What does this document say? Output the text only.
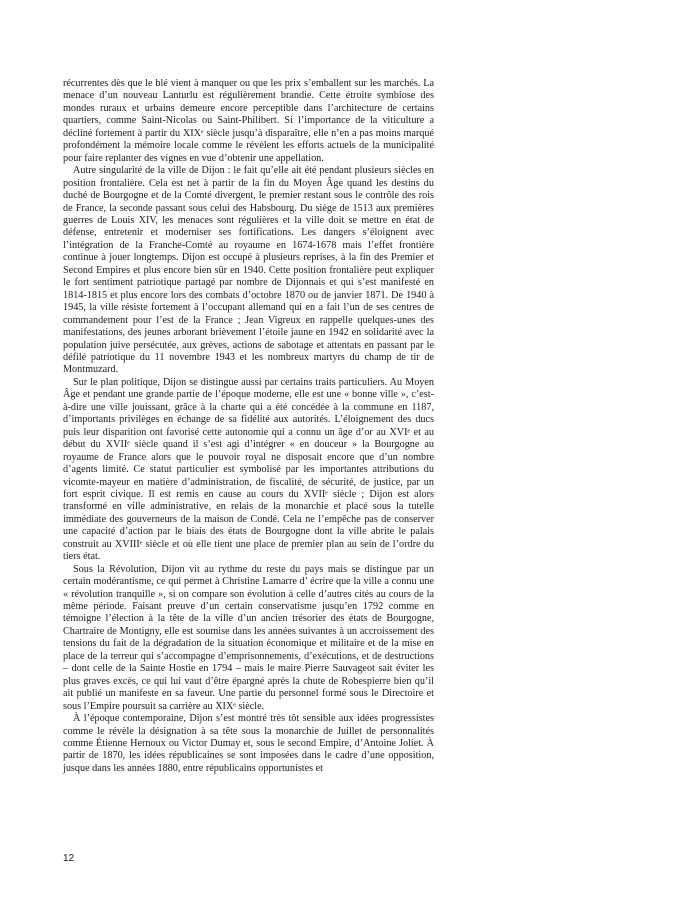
récurrentes dès que le blé vient à manquer ou que les prix s’emballent sur les marchés. La menace d’un nouveau Lanturlu est régulièrement brandie. Cette étroite symbiose des mondes ruraux et urbains demeure encore perceptible dans l’architecture de certains quartiers, comme Saint-Nicolas ou Saint-Philibert. Si l’importance de la viticulture a décliné fortement à partir du XIXᵉ siècle jusqu’à disparaître, elle n’en a pas moins marqué profondément la mémoire locale comme le révèlent les efforts actuels de la municipalité pour faire replanter des vignes en vue d’obtenir une appellation.

Autre singularité de la ville de Dijon : le fait qu’elle ait été pendant plusieurs siècles en position frontalière. Cela est net à partir de la fin du Moyen Âge quand les destins du duché de Bourgogne et de la Comté divergent, le premier restant sous le contrôle des rois de France, la seconde passant sous celui des Habsbourg. Du siège de 1513 aux premières guerres de Louis XIV, les menaces sont régulières et la ville doit se mettre en état de défense, entretenir et moderniser ses fortifications. Les dangers s’éloignent avec l’intégration de la Franche-Comté au royaume en 1674-1678 mais l’effet frontière continue à jouer longtemps. Dijon est occupé à plusieurs reprises, à la fin des Premier et Second Empires et plus encore bien sûr en 1940. Cette position frontalière peut expliquer le fort sentiment patriotique partagé par nombre de Dijonnais et qui s’est manifesté en 1814-1815 et plus encore lors des combats d’octobre 1870 ou de janvier 1871. De 1940 à 1945, la ville résiste fortement à l’occupant allemand qui en a fait l’un de ses centres de commandement pour l’est de la France ; Jean Vigreux en rappelle quelques-unes des manifestations, des jeunes arborant brièvement l’étoile jaune en 1942 en solidarité avec la population juive persécutée, aux grèves, actions de sabotage et attentats en passant par le défilé patriotique du 11 novembre 1943 et les nombreux martyrs du champ de tir de Montmuzard.

Sur le plan politique, Dijon se distingue aussi par certains traits particuliers. Au Moyen Âge et pendant une grande partie de l’époque moderne, elle est une « bonne ville », c’est-à-dire une ville jouissant, grâce à la charte qui a été concédée à la commune en 1187, d’importants privilèges en échange de sa fidélité aux autorités. L’éloignement des ducs puis leur disparition ont favorisé cette autonomie qui a connu un âge d’or au XVIᵉ et au début du XVIIᵉ siècle quand il s’est agi d’intégrer « en douceur » la Bourgogne au royaume de France alors que le pouvoir royal ne disposait encore que d’un nombre d’agents limité. Ce statut particulier est symbolisé par les importantes attributions du vicomte-mayeur en matière d’administration, de fiscalité, de sécurité, de justice, par un fort esprit civique. Il est remis en cause au cours du XVIIᵉ siècle ; Dijon est alors transformé en ville administrative, en relais de la monarchie et placé sous la tutelle immédiate des gouverneurs de la maison de Condé. Cela ne l’empêche pas de conserver une capacité d’action par le biais des états de Bourgogne dont la ville abrite le palais construit au XVIIIᵉ siècle et où elle tient une place de premier plan au sein de l’ordre du tiers état.

Sous la Révolution, Dijon vit au rythme du reste du pays mais se distingue par un certain modérantisme, ce qui permet à Christine Lamarre d’ écrire que la ville a connu une « révolution tranquille », si on compare son évolution à celle d’autres cités au cours de la même période. Faisant preuve d’un certain conservatisme jusqu’en 1792 comme en témoigne l’élection à la tête de la ville d’un ancien trésorier des états de Bourgogne, Chartraire de Montigny, elle est soumise dans les années suivantes à un accroissement des tensions du fait de la dégradation de la situation économique et militaire et de la mise en place de la terreur qui s’accompagne d’emprisonnements, d’exécutions, et de destructions – dont celle de la Sainte Hostie en 1794 – mais le maire Pierre Sauvageot sait éviter les plus graves excès, ce qui lui vaut d’être épargné après la chute de Robespierre bien qu’il ait publié un manifeste en sa faveur. Une partie du personnel formé sous le Directoire et sous l’Empire poursuit sa carrière au XIXᵉ siècle.

À l’époque contemporaine, Dijon s’est montré très tôt sensible aux idées progressistes comme le révèle la désignation à sa tête sous la monarchie de Juillet de personnalités comme Étienne Hernoux ou Victor Dumay et, sous le second Empire, d’Antoine Joliet. À partir de 1870, les idées républicaines se sont imposées dans le cadre d’une opposition, jusque dans les années 1880, entre républicains opportunistes et

12
